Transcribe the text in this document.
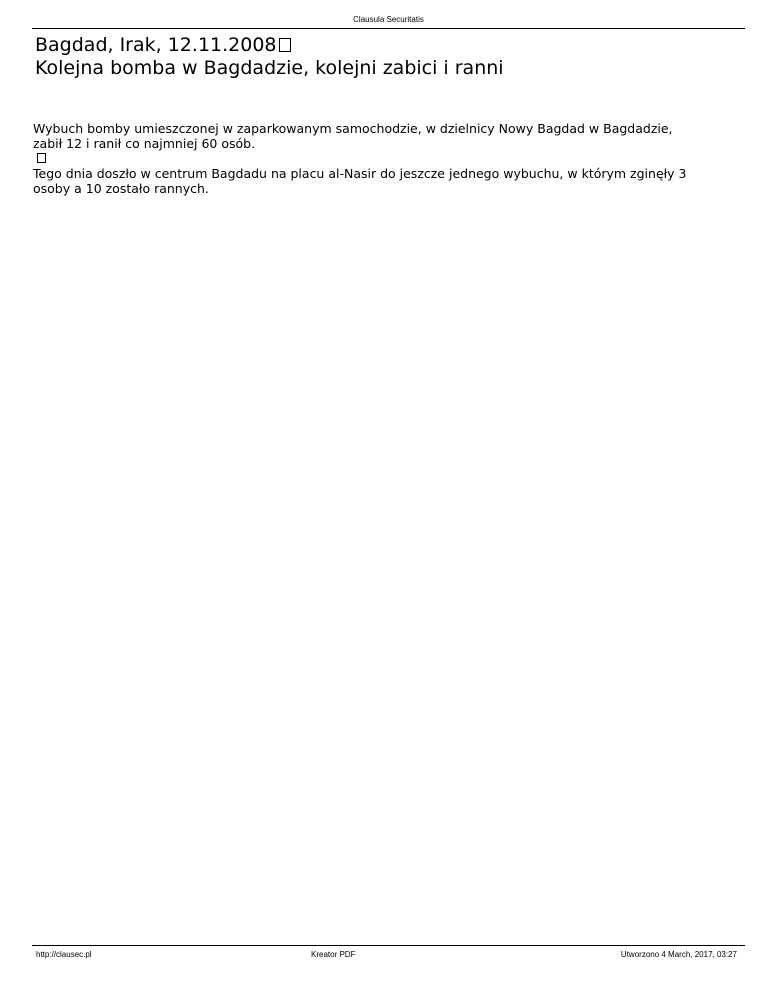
Clausula Securitatis
Bagdad, Irak, 12.11.2008
Kolejna bomba w Bagdadzie, kolejni zabici i ranni
Wybuch bomby umieszczonej w zaparkowanym samochodzie, w dzielnicy Nowy Bagdad w Bagdadzie,
zabił 12 i ranił co najmniej 60 osób.
Tego dnia doszło w centrum Bagdadu na placu al-Nasir do jeszcze jednego wybuchu, w którym zginęły 3
osoby a 10 zostało rannych.
http://clausec.pl	Kreator PDF	Utworzono 4 March, 2017, 03:27
